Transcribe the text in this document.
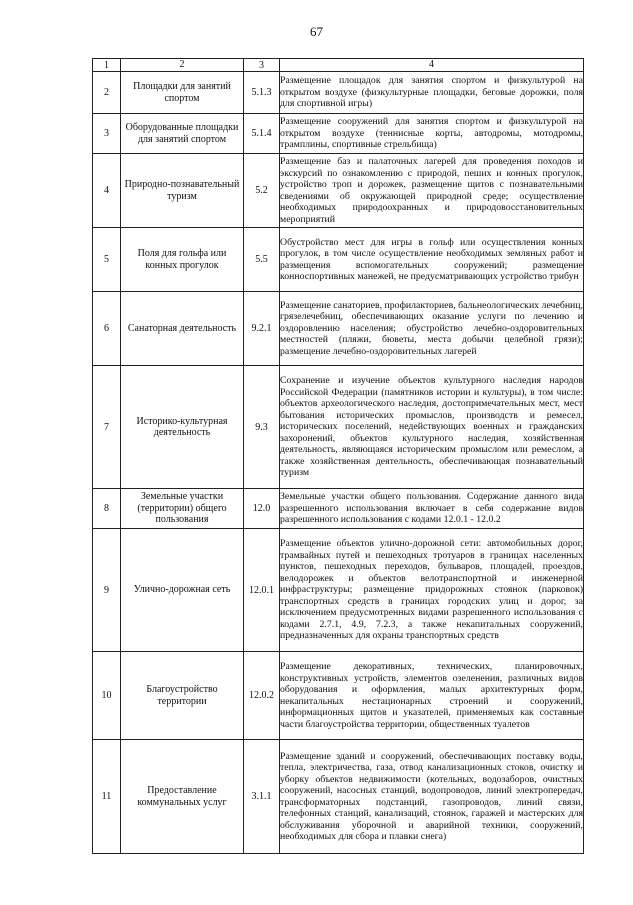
67
1	2	3	4
2	Площадки для занятий спортом	5.1.3	Размещение площадок для занятия спортом и физкультурой на открытом воздухе (физкультурные площадки, беговые дорожки, поля для спортивной игры)
3	Оборудованные площадки для занятий спортом	5.1.4	Размещение сооружений для занятия спортом и физкультурой на открытом воздухе (теннисные корты, автодромы, мотодромы, трамплины, спортивные стрельбища)
4	Природно-познавательный туризм	5.2	Размещение баз и палаточных лагерей для проведения походов и экскурсий по ознакомлению с природой, пеших и конных прогулок, устройство троп и дорожек, размещение щитов с познавательными сведениями об окружающей природной среде; осуществление необходимых природоохранных и природовосстановительных мероприятий
5	Поля для гольфа или конных прогулок	5.5	Обустройство мест для игры в гольф или осуществления конных прогулок, в том числе осуществление необходимых земляных работ и размещения вспомогательных сооружений; размещение конноспортивных манежей, не предусматривающих устройство трибун
6	Санаторная деятельность	9.2.1	Размещение санаториев, профилакториев, бальнеологических лечебниц, грязелечебниц, обеспечивающих оказание услуги по лечению и оздоровлению населения; обустройство лечебно-оздоровительных местностей (пляжи, бюветы, места добычи целебной грязи); размещение лечебно-оздоровительных лагерей
7	Историко-культурная деятельность	9.3	Сохранение и изучение объектов культурного наследия народов Российской Федерации (памятников истории и культуры), в том числе: объектов археологического наследия, достопримечательных мест, мест бытования исторических промыслов, производств и ремесел, исторических поселений, недействующих военных и гражданских захоронений, объектов культурного наследия, хозяйственная деятельность, являющаяся историческим промыслом или ремеслом, а также хозяйственная деятельность, обеспечивающая познавательный туризм
8	Земельные участки (территории) общего пользования	12.0	Земельные участки общего пользования. Содержание данного вида разрешенного использования включает в себя содержание видов разрешенного использования с кодами 12.0.1 - 12.0.2
9	Улично-дорожная сеть	12.0.1	Размещение объектов улично-дорожной сети: автомобильных дорог, трамвайных путей и пешеходных тротуаров в границах населенных пунктов, пешеходных переходов, бульваров, площадей, проездов, велодорожек и объектов велотранспортной и инженерной инфраструктуры; размещение придорожных стоянок (парковок) транспортных средств в границах городских улиц и дорог, за исключением предусмотренных видами разрешенного использования с кодами 2.7.1, 4.9, 7.2.3, а также некапитальных сооружений, предназначенных для охраны транспортных средств
10	Благоустройство территории	12.0.2	Размещение декоративных, технических, планировочных, конструктивных устройств, элементов озеленения, различных видов оборудования и оформления, малых архитектурных форм, некапитальных нестационарных строений и сооружений, информационных щитов и указателей, применяемых как составные части благоустройства территории, общественных туалетов
11	Предоставление коммунальных услуг	3.1.1	Размещение зданий и сооружений, обеспечивающих поставку воды, тепла, электричества, газа, отвод канализационных стоков, очистку и уборку объектов недвижимости (котельных, водозаборов, очистных сооружений, насосных станций, водопроводов, линий электропередач, трансформаторных подстанций, газопроводов, линий связи, телефонных станций, канализаций, стоянок, гаражей и мастерских для обслуживания уборочной и аварийной техники, сооружений, необходимых для сбора и плавки снега)
